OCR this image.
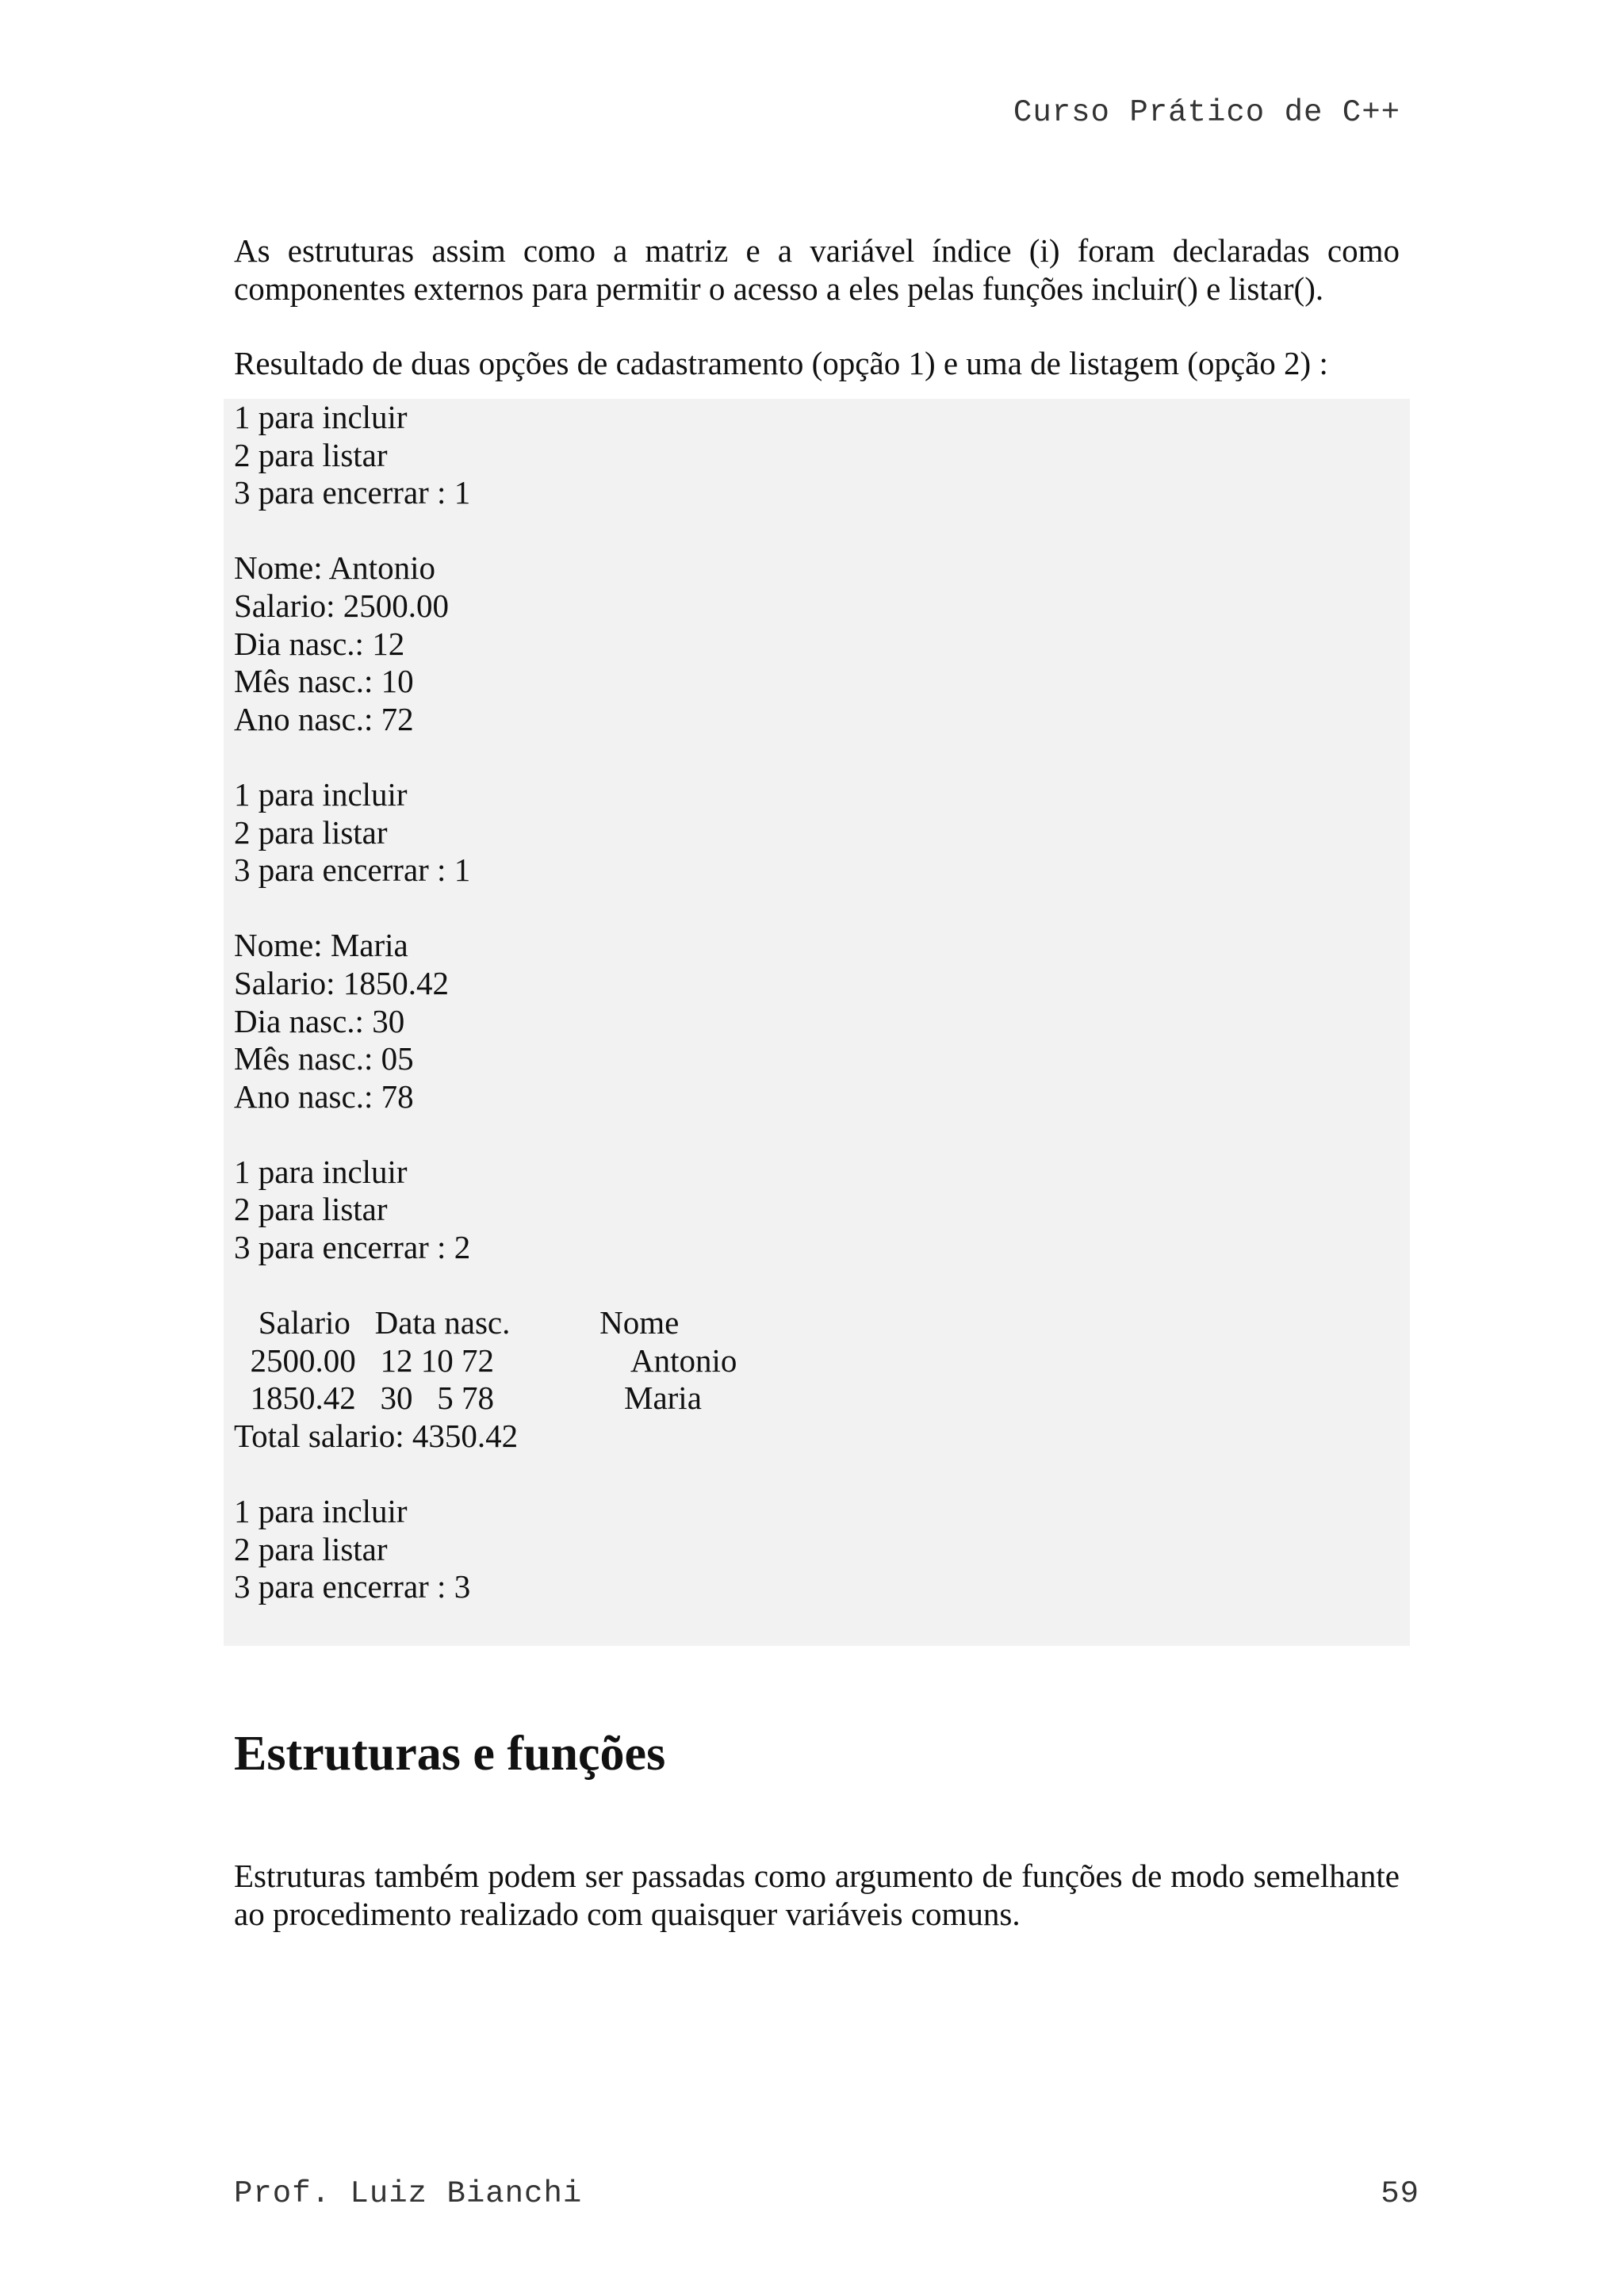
Curso Prático de C++

As estruturas assim como a matriz e a variável índice (i) foram declaradas como componentes externos para permitir o acesso a eles pelas funções incluir() e listar().

Resultado de duas opções de cadastramento (opção 1) e uma de listagem (opção 2) :

1 para incluir
2 para listar
3 para encerrar : 1
Nome: Antonio
Salario: 2500.00
Dia nasc.: 12
Mês nasc.: 10
Ano nasc.: 72
1 para incluir
2 para listar
3 para encerrar : 1
Nome: Maria
Salario: 1850.42
Dia nasc.: 30
Mês nasc.: 05
Ano nasc.: 78
1 para incluir
2 para listar
3 para encerrar : 2
Salario   Data nasc.           Nome
2500.00   12 10 72                 Antonio
1850.42   30   5 78                Maria
Total salario: 4350.42
1 para incluir
2 para listar
3 para encerrar : 3
Estruturas e funções

Estruturas também podem ser passadas como argumento de funções de modo semelhante ao procedimento realizado com quaisquer variáveis comuns.

Prof. Luiz Bianchi	59
